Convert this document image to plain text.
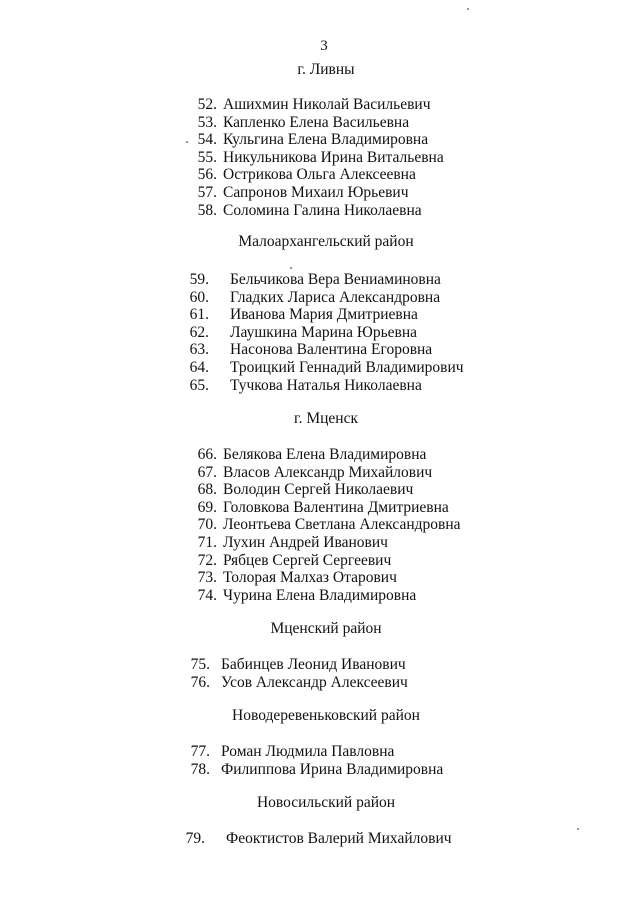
3
г. Ливны
52. Ашихмин Николай Васильевич
53. Капленко Елена Васильевна
54. Кульгина Елена Владимировна
55. Никульникова Ирина Витальевна
56. Острикова Ольга Алексеевна
57. Сапронов Михаил Юрьевич
58. Соломина Галина Николаевна
Малоархангельский район
59. Бельчикова Вера Вениаминовна
60. Гладких Лариса Александровна
61. Иванова Мария Дмитриевна
62. Лаушкина Марина Юрьевна
63. Насонова Валентина Егоровна
64. Троицкий Геннадий Владимирович
65. Тучкова Наталья Николаевна
г. Мценск
66. Белякова Елена Владимировна
67. Власов Александр Михайлович
68. Володин Сергей Николаевич
69. Головкова Валентина Дмитриевна
70. Леонтьева Светлана Александровна
71. Лухин Андрей Иванович
72. Рябцев Сергей Сергеевич
73. Толорая Малхаз Отарович
74. Чурина Елена Владимировна
Мценский район
75. Бабинцев Леонид Иванович
76. Усов Александр Алексеевич
Новодеревеньковский район
77. Роман Людмила Павловна
78. Филиппова Ирина Владимировна
Новосильский район
79. Феоктистов Валерий Михайлович
